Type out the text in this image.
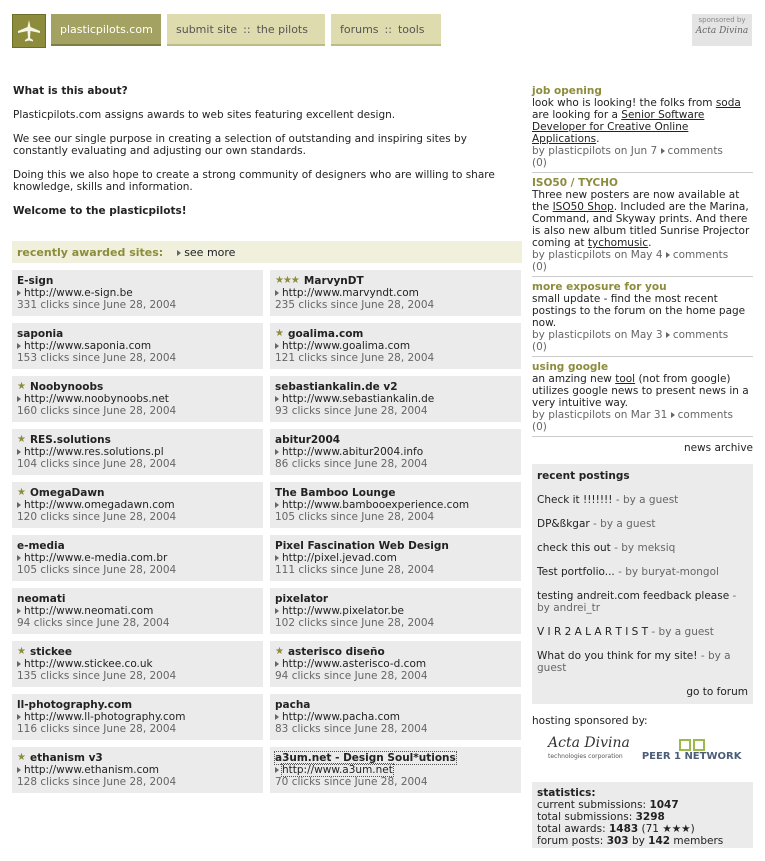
plasticpilots.com submit site :: the pilots	forums :: tools
sponsored by
Acta Divina

What is this about?

Plasticpilots.com assigns awards to web sites featuring excellent design.

We see our single purpose in creating a selection of outstanding and inspiring sites by constantly evaluating and adjusting our own standards.

Doing this we also hope to create a strong community of designers who are willing to share knowledge, skills and information.

Welcome to the plasticpilots!

recently awarded sites:	see more
E-sign
http://www.e-sign.be
331 clicks since June 28, 2004
★★★ MarvynDT
http://www.marvyndt.com
235 clicks since June 28, 2004
saponia
http://www.saponia.com
153 clicks since June 28, 2004
★ goalima.com
http://www.goalima.com
121 clicks since June 28, 2004
★ Noobynoobs
http://www.noobynoobs.net
160 clicks since June 28, 2004
sebastiankalin.de v2
http://www.sebastiankalin.de
93 clicks since June 28, 2004
★ RES.solutions
http://www.res.solutions.pl
104 clicks since June 28, 2004
abitur2004
http://www.abitur2004.info
86 clicks since June 28, 2004
★ OmegaDawn
http://www.omegadawn.com
120 clicks since June 28, 2004
The Bamboo Lounge
http://www.bambooexperience.com
105 clicks since June 28, 2004
e-media
http://www.e-media.com.br
105 clicks since June 28, 2004
Pixel Fascination Web Design
http://pixel.jevad.com
111 clicks since June 28, 2004
neomati
http://www.neomati.com
94 clicks since June 28, 2004
pixelator
http://www.pixelator.be
102 clicks since June 28, 2004
★ stickee
http://www.stickee.co.uk
135 clicks since June 28, 2004
★ asterisco diseño
http://www.asterisco-d.com
94 clicks since June 28, 2004
ll-photography.com
http://www.ll-photography.com
116 clicks since June 28, 2004
pacha
http://www.pacha.com
83 clicks since June 28, 2004
★ ethanism v3
http://www.ethanism.com
128 clicks since June 28, 2004
a3um.net - Design Soul*utions
http://www.a3um.net
70 clicks since June 28, 2004
job opening
look who is looking! the folks from soda are looking for a Senior Software Developer for Creative Online Applications.
by plasticpilots on Jun 7 comments
(0)
ISO50 / TYCHO
Three new posters are now available at the ISO50 Shop. Included are the Marina, Command, and Skyway prints. And there is also new album titled Sunrise Projector coming at tychomusic.
by plasticpilots on May 4 comments
(0)
more exposure for you
small update - find the most recent postings to the forum on the home page now.
by plasticpilots on May 3 comments
(0)
using google
an amzing new tool (not from google) utilizes google news to present news in a very intuitive way.
by plasticpilots on Mar 31 comments
(0)
news archive
recent postings
Check it !!!!!!! - by a guest
DP&ßkgar - by a guest
check this out - by meksiq
Test portfolio... - by buryat-mongol
testing andreit.com feedback please - by andrei_tr
V I R 2 A L A R T I S T - by a guest
What do you think for my site! - by a guest
go to forum
hosting sponsored by:
Acta Divina
technologies corporation	PEER 1 NETWORK
statistics:
current submissions: 1047
total submissions: 3298
total awards: 1483 (71 ★★★)
forum posts: 303 by 142 members
